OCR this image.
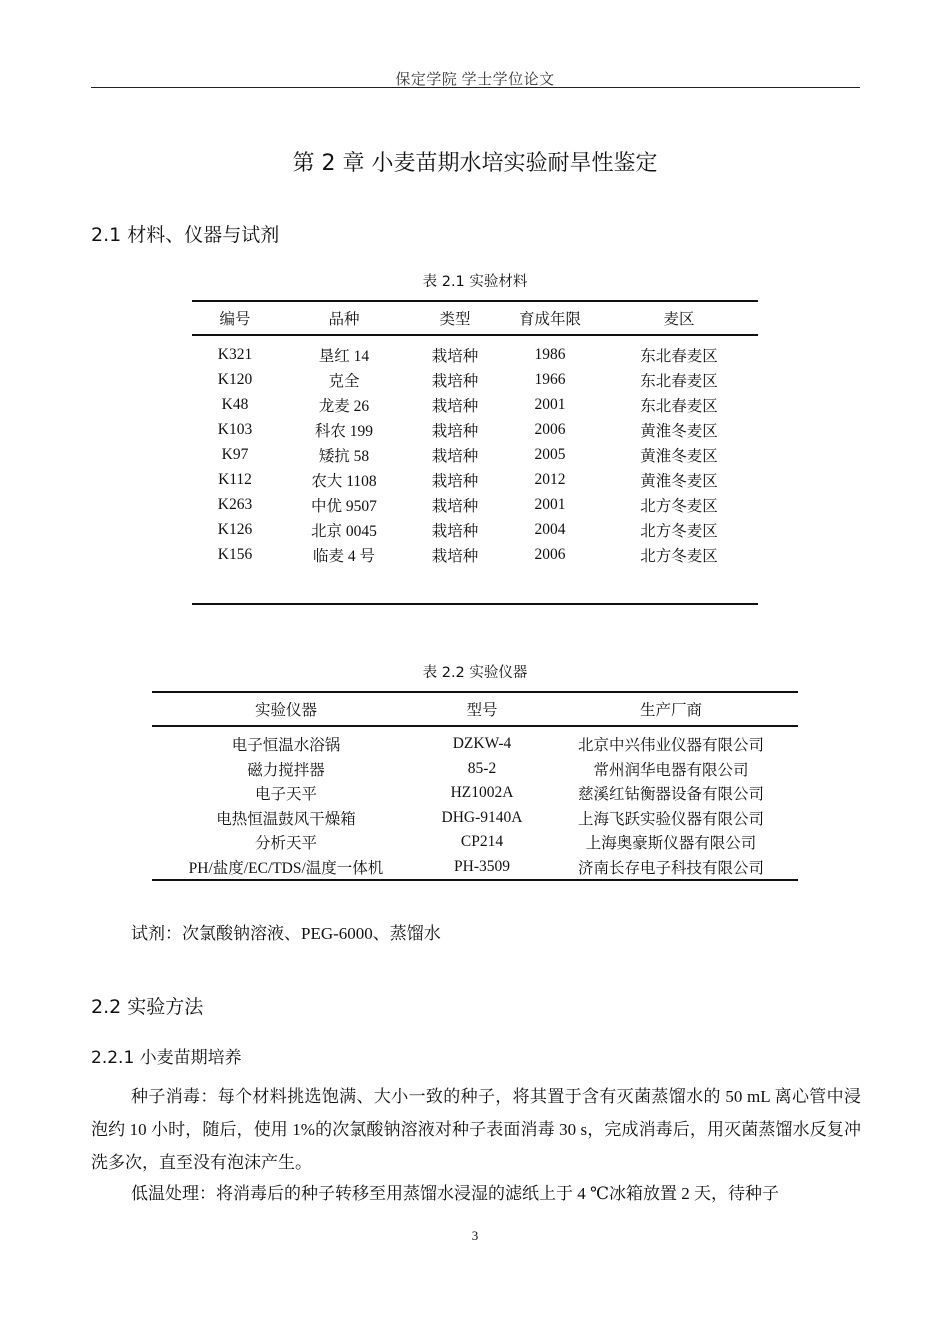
保定学院 学士学位论文
第 2 章 小麦苗期水培实验耐旱性鉴定
2.1 材料、仪器与试剂
表 2.1 实验材料
编号	品种	类型	育成年限	麦区
K321	垦红 14	栽培种	1986	东北春麦区
K120	克全	栽培种	1966	东北春麦区
K48	龙麦 26	栽培种	2001	东北春麦区
K103	科农 199	栽培种	2006	黄淮冬麦区
K97	矮抗 58	栽培种	2005	黄淮冬麦区
K112	农大 1108	栽培种	2012	黄淮冬麦区
K263	中优 9507	栽培种	2001	北方冬麦区
K126	北京 0045	栽培种	2004	北方冬麦区
K156	临麦 4 号	栽培种	2006	北方冬麦区
表 2.2 实验仪器
实验仪器	型号	生产厂商
电子恒温水浴锅	DZKW-4	北京中兴伟业仪器有限公司
磁力搅拌器	85-2	常州润华电器有限公司
电子天平	HZ1002A	慈溪红钻衡器设备有限公司
电热恒温鼓风干燥箱	DHG-9140A	上海飞跃实验仪器有限公司
分析天平	CP214	上海奥豪斯仪器有限公司
PH/盐度/EC/TDS/温度一体机	PH-3509	济南长存电子科技有限公司
试剂：次氯酸钠溶液、PEG-6000、蒸馏水
2.2 实验方法
2.2.1 小麦苗期培养
种子消毒：每个材料挑选饱满、大小一致的种子，将其置于含有灭菌蒸馏水的 50 mL 离心管中浸泡约 10 小时，随后，使用 1%的次氯酸钠溶液对种子表面消毒 30 s，完成消毒后，用灭菌蒸馏水反复冲洗多次，直至没有泡沫产生。
低温处理：将消毒后的种子转移至用蒸馏水浸湿的滤纸上于 4 ℃冰箱放置 2 天，待种子
3
